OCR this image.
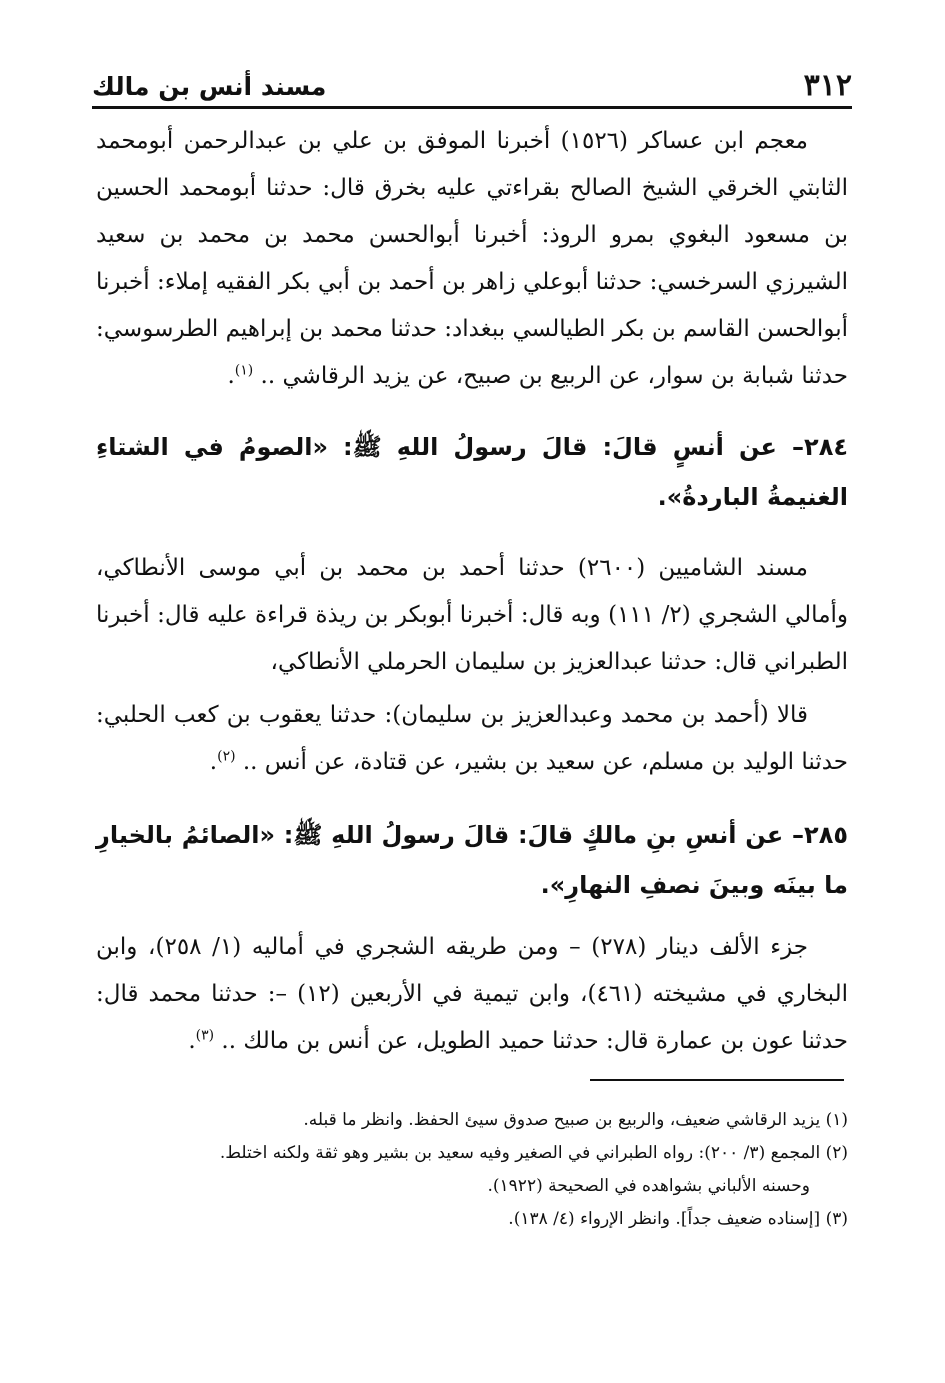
٣١٢
مسند أنس بن مالك

معجم ابن عساكر (١٥٢٦) أخبرنا الموفق بن علي بن عبدالرحمن أبومحمد الثابتي الخرقي الشيخ الصالح بقراءتي عليه بخرق قال: حدثنا أبومحمد الحسين بن مسعود البغوي بمرو الروذ: أخبرنا أبوالحسن محمد بن محمد بن سعيد الشيرزي السرخسي: حدثنا أبوعلي زاهر بن أحمد بن أبي بكر الفقيه إملاء: أخبرنا أبوالحسن القاسم بن بكر الطيالسي ببغداد: حدثنا محمد بن إبراهيم الطرسوسي: حدثنا شبابة بن سوار، عن الربيع بن صبيح، عن يزيد الرقاشي .. $^{(١)}$.

٢٨٤– عن أنسٍ قالَ: قالَ رسولُ اللهِ ﷺ: «الصومُ في الشتاءِ الغنيمةُ الباردةُ».

مسند الشاميين (٢٦٠٠) حدثنا أحمد بن محمد بن أبي موسى الأنطاكي، وأمالي الشجري (٢/ ١١١) وبه قال: أخبرنا أبوبكر بن ريذة قراءة عليه قال: أخبرنا الطبراني قال: حدثنا عبدالعزيز بن سليمان الحرملي الأنطاكي،

قالا (أحمد بن محمد وعبدالعزيز بن سليمان): حدثنا يعقوب بن كعب الحلبي: حدثنا الوليد بن مسلم، عن سعيد بن بشير، عن قتادة، عن أنس .. $^{(٢)}$.

٢٨٥– عن أنسِ بنِ مالكٍ قالَ: قالَ رسولُ اللهِ ﷺ: «الصائمُ بالخيارِ ما بينَه وبينَ نصفِ النهارِ».

جزء الألف دينار (٢٧٨) – ومن طريقه الشجري في أماليه (١/ ٢٥٨)، وابن البخاري في مشيخته (٤٦١)، وابن تيمية في الأربعين (١٢) –: حدثنا محمد قال: حدثنا عون بن عمارة قال: حدثنا حميد الطويل، عن أنس بن مالك .. $^{(٣)}$.

(١) يزيد الرقاشي ضعيف، والربيع بن صبيح صدوق سيئ الحفظ. وانظر ما قبله.

(٢) المجمع (٣/ ٢٠٠): رواه الطبراني في الصغير وفيه سعيد بن بشير وهو ثقة ولكنه اختلط.

وحسنه الألباني بشواهده في الصحيحة (١٩٢٢).

(٣) [إسناده ضعيف جداً]. وانظر الإرواء (٤/ ١٣٨).
